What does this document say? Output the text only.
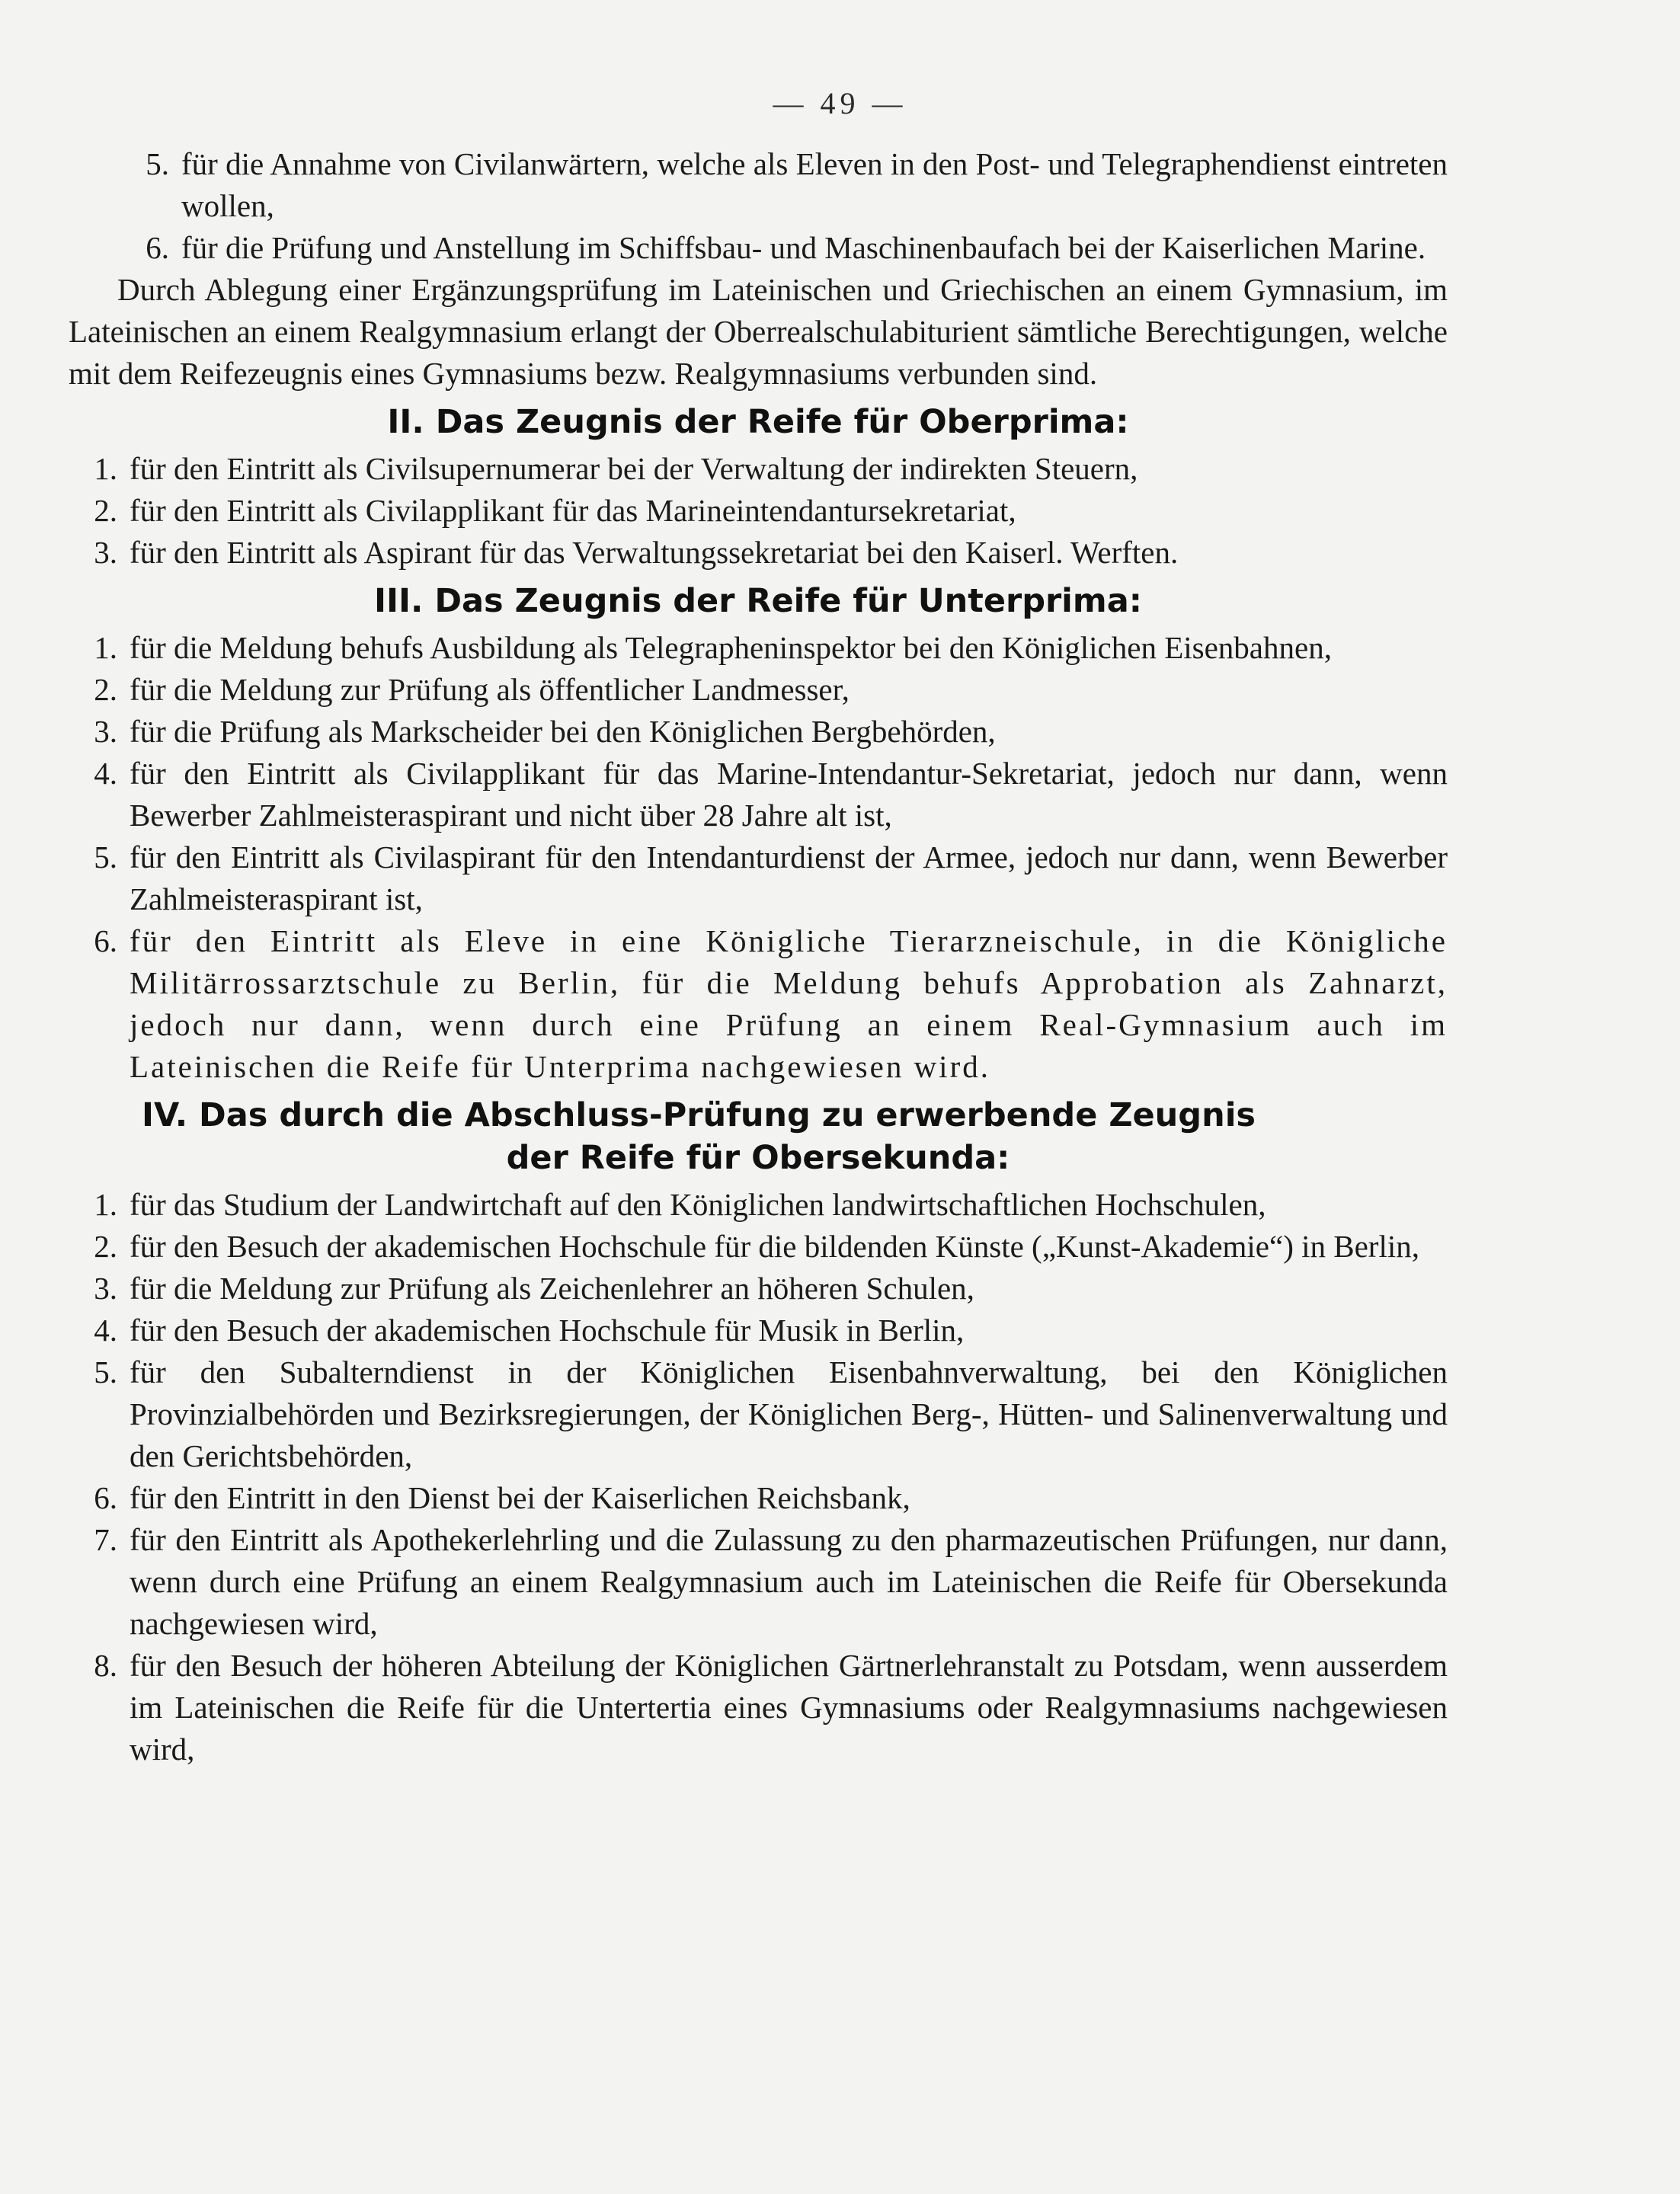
— 49 —
5. für die Annahme von Civilanwärtern, welche als Eleven in den Post- und Telegraphendienst eintreten wollen,
6. für die Prüfung und Anstellung im Schiffsbau- und Maschinenbaufach bei der Kaiserlichen Marine.

Durch Ablegung einer Ergänzungsprüfung im Lateinischen und Griechischen an einem Gymnasium, im Lateinischen an einem Realgymnasium erlangt der Oberrealschulabiturient sämtliche Berechtigungen, welche mit dem Reifezeugnis eines Gymnasiums bezw. Realgymnasiums verbunden sind.

II. Das Zeugnis der Reife für Oberprima:
1. für den Eintritt als Civilsupernumerar bei der Verwaltung der indirekten Steuern,
2. für den Eintritt als Civilapplikant für das Marineintendantursekretariat,
3. für den Eintritt als Aspirant für das Verwaltungssekretariat bei den Kaiserl. Werften.
III. Das Zeugnis der Reife für Unterprima:
1. für die Meldung behufs Ausbildung als Telegrapheninspektor bei den Königlichen Eisenbahnen,
2. für die Meldung zur Prüfung als öffentlicher Landmesser,
3. für die Prüfung als Markscheider bei den Königlichen Bergbehörden,
4. für den Eintritt als Civilapplikant für das Marine-Intendantur-Sekretariat, jedoch nur dann, wenn Bewerber Zahlmeisteraspirant und nicht über 28 Jahre alt ist,
5. für den Eintritt als Civilaspirant für den Intendanturdienst der Armee, jedoch nur dann, wenn Bewerber Zahlmeisteraspirant ist,
6. für den Eintritt als Eleve in eine Königliche Tierarzneischule, in die Königliche Militärrossarztschule zu Berlin, für die Meldung behufs Approbation als Zahnarzt, jedoch nur dann, wenn durch eine Prüfung an einem Real-Gymnasium auch im Lateinischen die Reife für Unterprima nachgewiesen wird.
IV. Das durch die Abschluss-Prüfung zu erwerbende Zeugnis
der Reife für Obersekunda:
1. für das Studium der Landwirtchaft auf den Königlichen landwirtschaftlichen Hochschulen,
2. für den Besuch der akademischen Hochschule für die bildenden Künste („Kunst-Akademie“) in Berlin,
3. für die Meldung zur Prüfung als Zeichenlehrer an höheren Schulen,
4. für den Besuch der akademischen Hochschule für Musik in Berlin,
5. für den Subalterndienst in der Königlichen Eisenbahnverwaltung, bei den Königlichen Provinzialbehörden und Bezirksregierungen, der Königlichen Berg-, Hütten- und Salinenverwaltung und den Gerichtsbehörden,
6. für den Eintritt in den Dienst bei der Kaiserlichen Reichsbank,
7. für den Eintritt als Apothekerlehrling und die Zulassung zu den pharmazeutischen Prüfungen, nur dann, wenn durch eine Prüfung an einem Realgymnasium auch im Lateinischen die Reife für Obersekunda nachgewiesen wird,
8. für den Besuch der höheren Abteilung der Königlichen Gärtnerlehranstalt zu Potsdam, wenn ausserdem im Lateinischen die Reife für die Untertertia eines Gymnasiums oder Realgymnasiums nachgewiesen wird,
